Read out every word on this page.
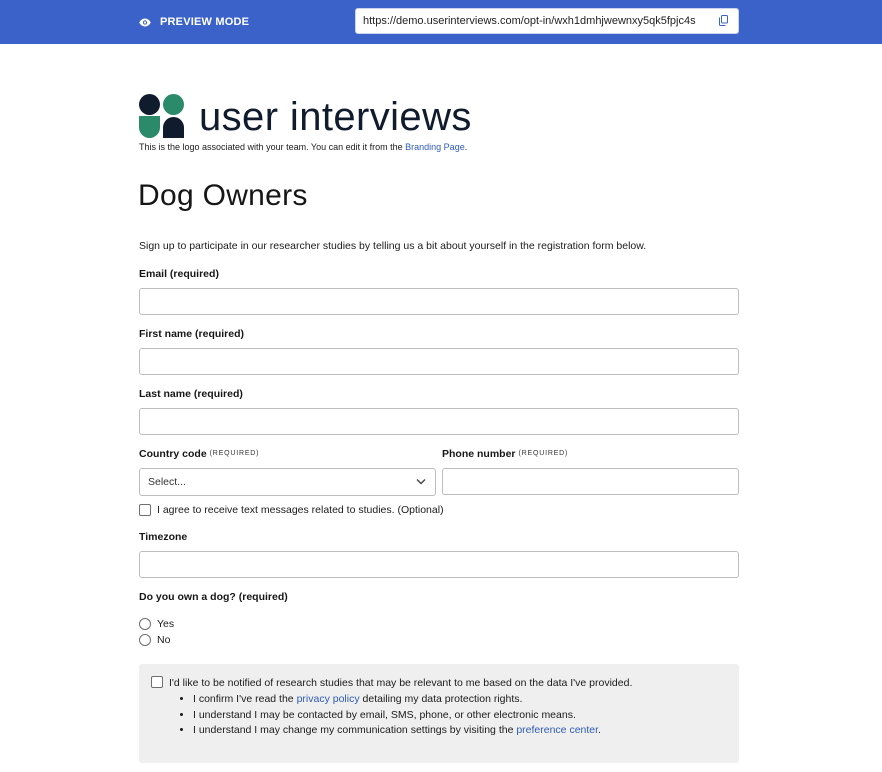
PREVIEW MODE	https://demo.userinterviews.com/opt-in/wxh1dmhjwewnxy5qk5fpjc4s
user interviews
This is the logo associated with your team. You can edit it from the Branding Page.
Dog Owners
Sign up to participate in our researcher studies by telling us a bit about yourself in the registration form below.
Email (required)
First name (required)
Last name (required)
Country code (REQUIRED)
Select...
Phone number (REQUIRED)
I agree to receive text messages related to studies. (Optional)
Timezone
Do you own a dog? (required)
Yes
No
I'd like to be notified of research studies that may be relevant to me based on the data I've provided.
• I confirm I've read the privacy policy detailing my data protection rights.
• I understand I may be contacted by email, SMS, phone, or other electronic means.
• I understand I may change my communication settings by visiting the preference center.
